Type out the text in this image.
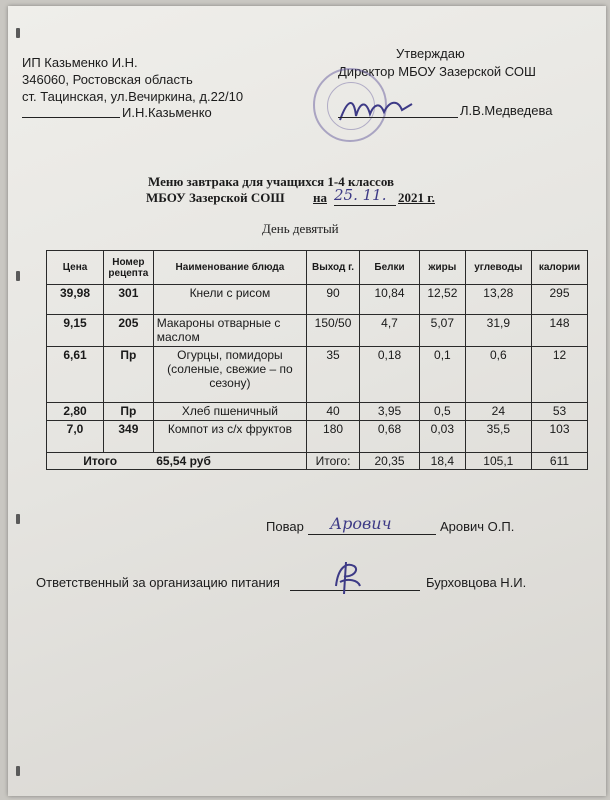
ИП Казьменко И.Н.
346060, Ростовская область
ст. Тацинская, ул.Вечиркина, д.22/10
И.Н.Казьменко
Утверждаю
Директор МБОУ Зазерской СОШ
Л.В.Медведева
Меню завтрака для учащихся 1-4 классов
МБОУ Зазерской СОШ на 25. 11. 2021 г.
День девятый
Цена	Номер рецепта	Наименование блюда	Выход г.	Белки	жиры	углеводы	калории
39,98	301	Кнели с рисом	90	10,84	12,52	13,28	295
9,15	205	Макароны отварные с маслом	150/50	4,7	5,07	31,9	148
6,61	Пр	Огурцы, помидоры (соленые, свежие – по сезону)	35	0,18	0,1	0,6	12
2,80	Пр	Хлеб пшеничный	40	3,95	0,5	24	53
7,0	349	Компот из с/х фруктов	180	0,68	0,03	35,5	103
Итого		65,54 руб	Итого:	20,35	18,4	105,1	611
Повар Арович	Арович О.П.
Ответственный за организацию питания	Бурховцова Н.И.
